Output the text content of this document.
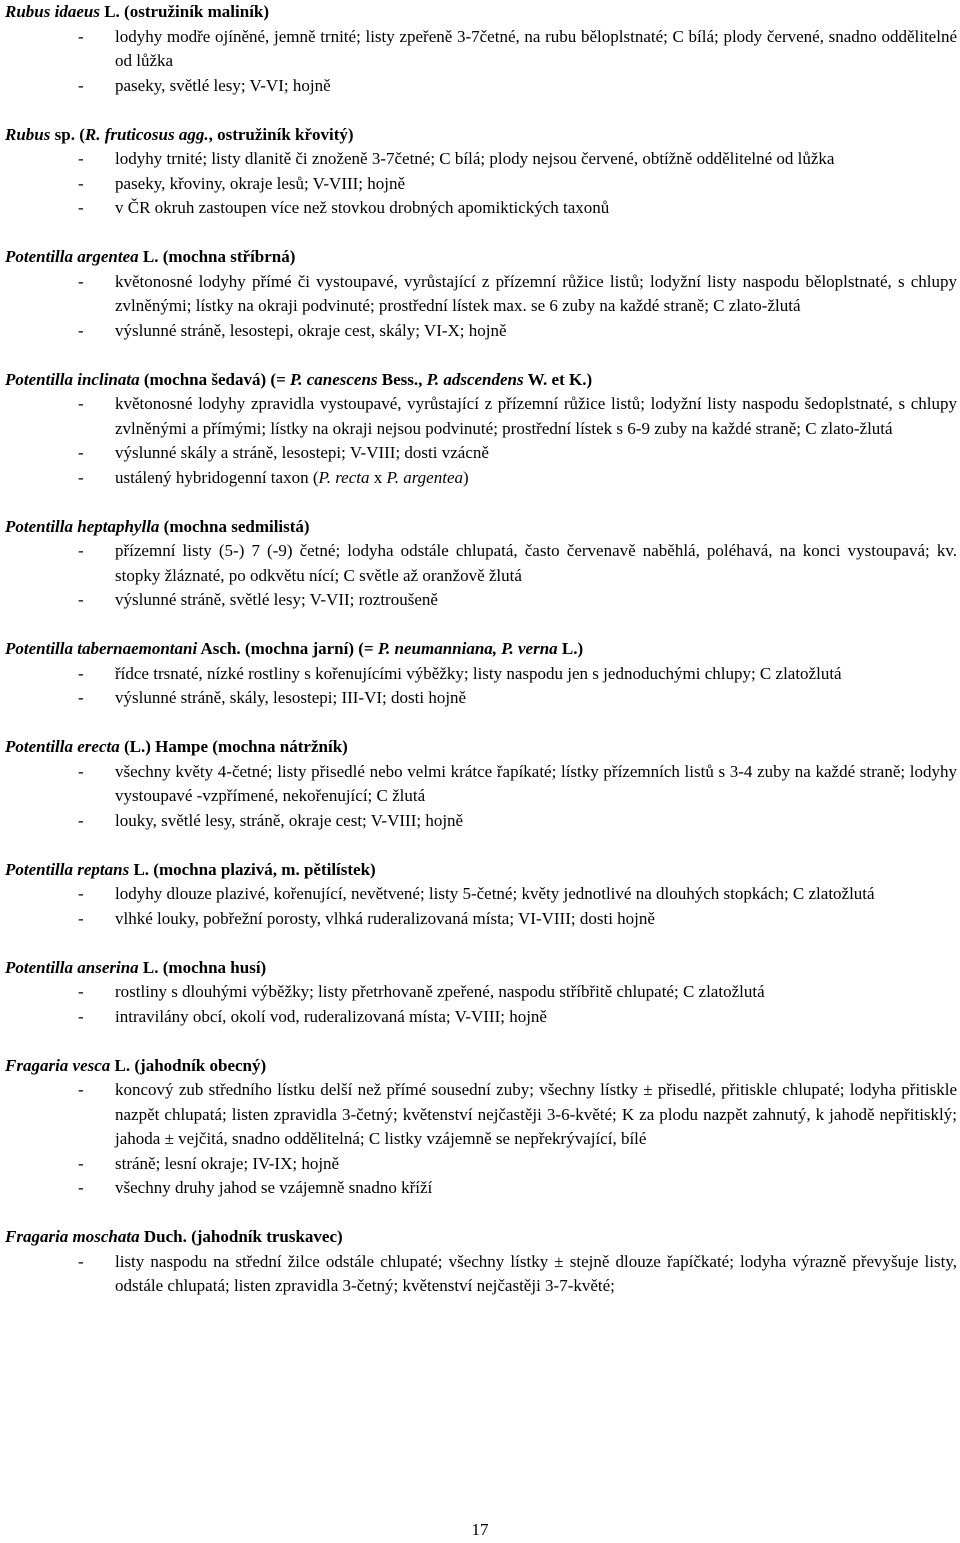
Rubus idaeus L. (ostružiník maliník)
- lodyhy modře ojíněné, jemně trnité; listy zpeřeně 3-7četné, na rubu běloplstnaté; C bílá; plody červené, snadno oddělitelné od lůžka
- paseky, světlé lesy; V-VI; hojně
Rubus sp. (R. fruticosus agg., ostružiník křovitý)
- lodyhy trnité; listy dlanitě či znoženě 3-7četné; C bílá; plody nejsou červené, obtížně oddělitelné od lůžka
- paseky, křoviny, okraje lesů; V-VIII; hojně
- v ČR okruh zastoupen více než stovkou drobných apomiktických taxonů
Potentilla argentea L. (mochna stříbrná)
- květonosné lodyhy přímé či vystoupavé, vyrůstající z přízemní růžice listů; lodyžní listy naspodu běloplstnaté, s chlupy zvlněnými; lístky na okraji podvinuté; prostřední lístek max. se 6 zuby na každé straně; C zlato-žlutá
- výslunné stráně, lesostepi, okraje cest, skály; VI-X; hojně
Potentilla inclinata (mochna šedavá) (= P. canescens Bess., P. adscendens W. et K.)
- květonosné lodyhy zpravidla vystoupavé, vyrůstající z přízemní růžice listů; lodyžní listy naspodu šedoplstnaté, s chlupy zvlněnými a přímými; lístky na okraji nejsou podvinuté; prostřední lístek s 6-9 zuby na každé straně; C zlato-žlutá
- výslunné skály a stráně, lesostepi; V-VIII; dosti vzácně
- ustálený hybridogenní taxon (P. recta x P. argentea)
Potentilla heptaphylla (mochna sedmilistá)
- přízemní listy (5-) 7 (-9) četné; lodyha odstále chlupatá, často červenavě naběhlá, poléhavá, na konci vystoupavá; kv. stopky žláznaté, po odkvětu nící; C světle až oranžově žlutá
- výslunné stráně, světlé lesy; V-VII; roztroušeně
Potentilla tabernaemontani Asch. (mochna jarní) (= P. neumanniana, P. verna L.)
- řídce trsnaté, nízké rostliny s kořenujícími výběžky; listy naspodu jen s jednoduchými chlupy; C zlatožlutá
- výslunné stráně, skály, lesostepi; III-VI; dosti hojně
Potentilla erecta (L.) Hampe (mochna nátržník)
- všechny květy 4-četné; listy přisedlé nebo velmi krátce řapíkaté; lístky přízemních listů s 3-4 zuby na každé straně; lodyhy vystoupavé -vzpřímené, nekořenující; C žlutá
- louky, světlé lesy, stráně, okraje cest; V-VIII; hojně
Potentilla reptans L. (mochna plazivá, m. pětilístek)
- lodyhy dlouze plazivé, kořenující, nevětvené; listy 5-četné; květy jednotlivé na dlouhých stopkách; C zlatožlutá
- vlhké louky, pobřežní porosty, vlhká ruderalizovaná místa; VI-VIII; dosti hojně
Potentilla anserina L. (mochna husí)
- rostliny s dlouhými výběžky; listy přetrhovaně zpeřené, naspodu stříbřitě chlupaté; C zlatožlutá
- intravilány obcí, okolí vod, ruderalizovaná místa; V-VIII; hojně
Fragaria vesca L. (jahodník obecný)
- koncový zub středního lístku delší než přímé sousední zuby; všechny lístky ± přisedlé, přitiskle chlupaté; lodyha přitiskle nazpět chlupatá; listen zpravidla 3-četný; květenství nejčastěji 3-6-květé; K za plodu nazpět zahnutý, k jahodě nepřitisklý; jahoda ± vejčitá, snadno oddělitelná; C listky vzájemně se nepřekrývající, bílé
- stráně; lesní okraje; IV-IX; hojně
- všechny druhy jahod se vzájemně snadno kříží
Fragaria moschata Duch. (jahodník truskavec)
- listy naspodu na střední žilce odstále chlupaté; všechny lístky ± stejně dlouze řapíčkaté; lodyha výrazně převyšuje listy, odstále chlupatá; listen zpravidla 3-četný; květenství nejčastěji 3-7-květé;
17
